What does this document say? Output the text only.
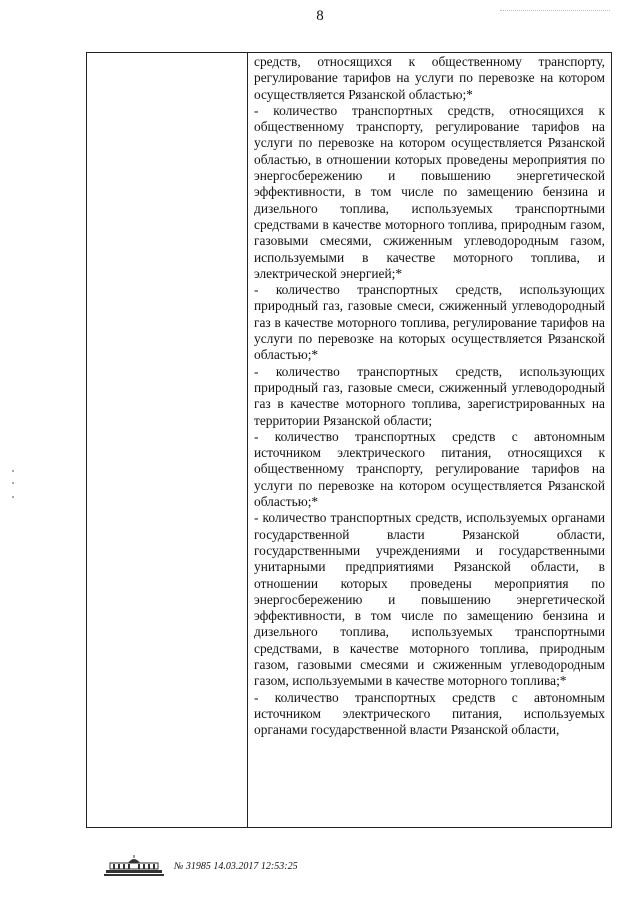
8

средств, относящихся к общественному транспорту, регулирование тарифов на услуги по перевозке на котором осуществляется Рязанской областью;*

- количество транспортных средств, относящихся к общественному транспорту, регулирование тарифов на услуги по перевозке на котором осуществляется Рязанской областью, в отношении которых проведены мероприятия по энергосбережению и повышению энергетической эффективности, в том числе по замещению бензина и дизельного топлива, используемых транспортными средствами в качестве моторного топлива, природным газом, газовыми смесями, сжиженным углеводородным газом, используемыми в качестве моторного топлива, и электрической энергией;*

- количество транспортных средств, использующих природный газ, газовые смеси, сжиженный углеводородный газ в качестве моторного топлива, регулирование тарифов на услуги по перевозке на которых осуществляется Рязанской областью;*

- количество транспортных средств, использующих природный газ, газовые смеси, сжиженный углеводородный газ в качестве моторного топлива, зарегистрированных на территории Рязанской области;

- количество транспортных средств с автономным источником электрического питания, относящихся к общественному транспорту, регулирование тарифов на услуги по перевозке на котором осуществляется Рязанской областью;*

- количество транспортных средств, используемых органами государственной власти Рязанской области, государственными учреждениями и государственными унитарными предприятиями Рязанской области, в отношении которых проведены мероприятия по энергосбережению и повышению энергетической эффективности, в том числе по замещению бензина и дизельного топлива, используемых транспортными средствами, в качестве моторного топлива, природным газом, газовыми смесями и сжиженным углеводородным газом, используемыми в качестве моторного топлива;*

- количество транспортных средств с автономным источником электрического питания, используемых органами государственной власти Рязанской области,

№ 31985 14.03.2017 12:53:25
